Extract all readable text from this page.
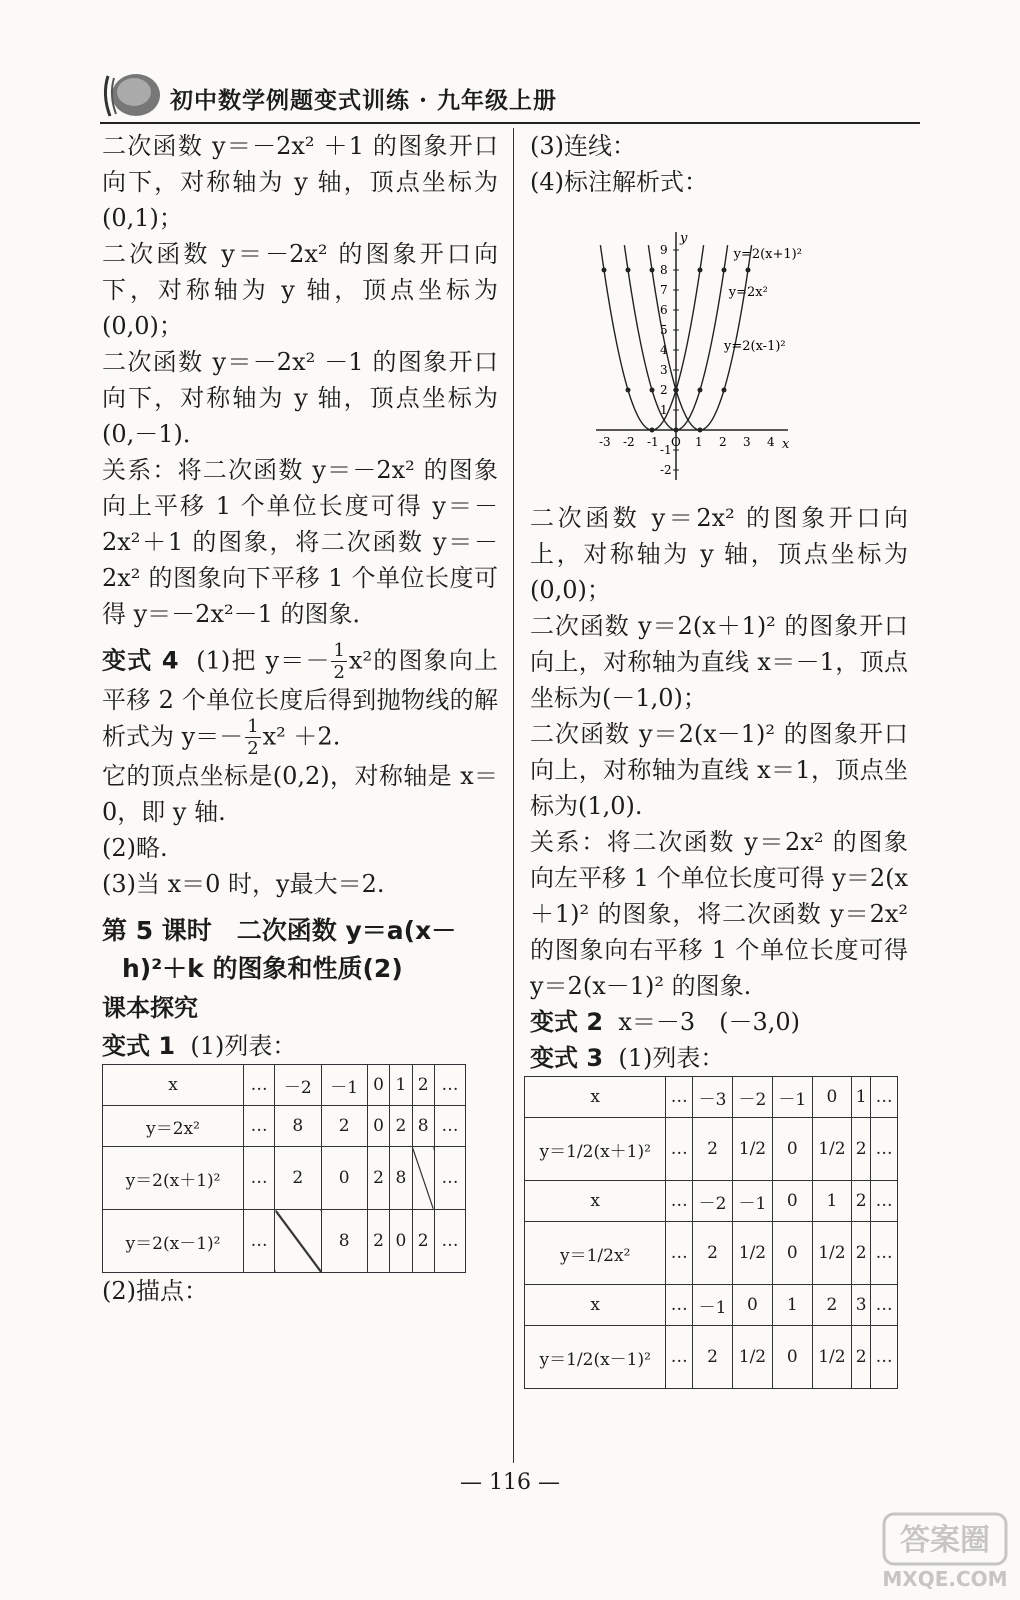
初中数学例题变式训练 · 九年级上册

二次函数 y＝－2x² ＋1 的图象开口向下，对称轴为 y 轴，顶点坐标为(0,1)；

二次函数 y＝－2x² 的图象开口向下，对称轴为 y 轴，顶点坐标为(0,0)；

二次函数 y＝－2x² －1 的图象开口向下，对称轴为 y 轴，顶点坐标为(0,－1)．

关系：将二次函数 y＝－2x² 的图象向上平移 1 个单位长度可得 y＝－2x²＋1 的图象，将二次函数 y＝－2x² 的图象向下平移 1 个单位长度可得 y＝－2x²－1 的图象．

变式 4 (1)把 $y=- \frac{1}{2} x^2$的图象向上平移 2 个单位长度后得到抛物线的解析式为 $y=- \frac{1}{2} x^2 +2$.

它的顶点坐标是(0,2)，对称轴是 x＝0，即 y 轴.

(2)略.

(3)当 x＝0 时，y最大＝2.

第 5 课时　二次函数 y＝a(x－
h)²＋k 的图象和性质(2)
课本探究

变式 1 (1)列表：

x	…	－2	－1	0	1	2	…
y＝2x²	…	8	2	0	2	8	…
y＝2(x＋1)²	…	2	0	2	8		…
y＝2(x－1)²	…		8	2	0	2	…

(2)描点：

(3)连线：

(4)标注解析式：

x
y
-3 -2 -1 O 1 2 3 4
-2
-1
1
2
3
4
5
6
7
8
9	y=2(x+1)²
y=2x²
y=2(x-1)²

二次函数 y＝2x² 的图象开口向上，对称轴为 y 轴，顶点坐标为(0,0)；

二次函数 y＝2(x＋1)² 的图象开口向上，对称轴为直线 x＝－1，顶点坐标为(－1,0)；

二次函数 y＝2(x－1)² 的图象开口向上，对称轴为直线 x＝1，顶点坐标为(1,0).

关系：将二次函数 y＝2x² 的图象向左平移 1 个单位长度可得 y＝2(x＋1)² 的图象，将二次函数 y＝2x² 的图象向右平移 1 个单位长度可得 y＝2(x－1)² 的图象.

变式 2 x＝－3　(－3,0)

变式 3 (1)列表：

x	…	－3	－2	－1	0	1	…
y＝1/2(x＋1)²	…	2	1/2	0	1/2	2	…
x	…	－2	－1	0	1	2	…
y＝1/2x²	…	2	1/2	0	1/2	2	…
x	…	－1	0	1	2	3	…
y＝1/2(x－1)²	…	2	1/2	0	1/2	2	…
— 116 —
答案圈
MXQE.COM
